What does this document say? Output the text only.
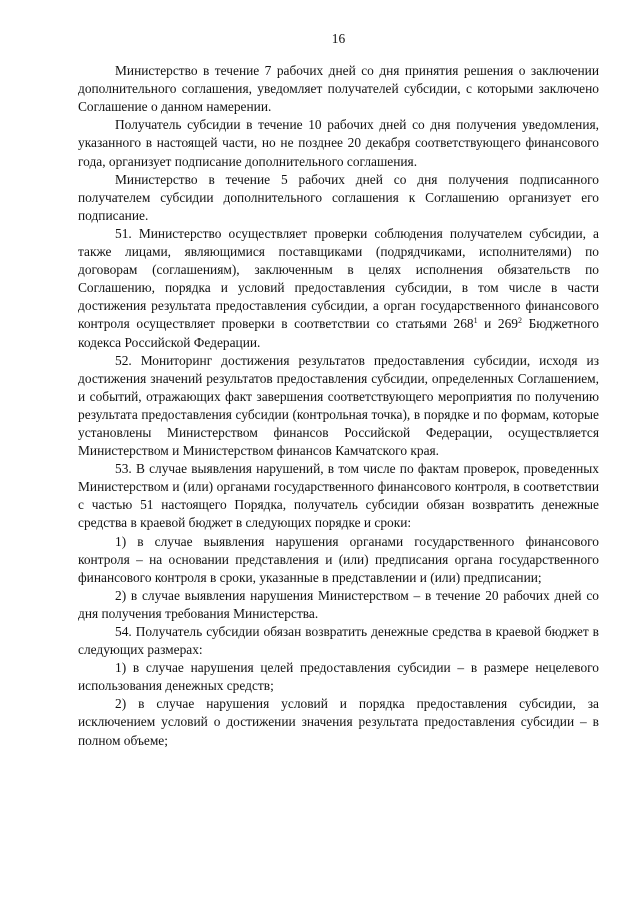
16

Министерство в течение 7 рабочих дней со дня принятия решения о заключении дополнительного соглашения, уведомляет получателей субсидии, с которыми заключено Соглашение о данном намерении.

Получатель субсидии в течение 10 рабочих дней со дня получения уведомления, указанного в настоящей части, но не позднее 20 декабря соответствующего финансового года, организует подписание дополнительного соглашения.

Министерство в течение 5 рабочих дней со дня получения подписанного получателем субсидии дополнительного соглашения к Соглашению организует его подписание.

51. Министерство осуществляет проверки соблюдения получателем субсидии, а также лицами, являющимися поставщиками (подрядчиками, исполнителями) по договорам (соглашениям), заключенным в целях исполнения обязательств по Соглашению, порядка и условий предоставления субсидии, в том числе в части достижения результата предоставления субсидии, а орган государственного финансового контроля осуществляет проверки в соответствии со статьями $268^1$ и $269^2$ Бюджетного кодекса Российской Федерации.

52. Мониторинг достижения результатов предоставления субсидии, исходя из достижения значений результатов предоставления субсидии, определенных Соглашением, и событий, отражающих факт завершения соответствующего мероприятия по получению результата предоставления субсидии (контрольная точка), в порядке и по формам, которые установлены Министерством финансов Российской Федерации, осуществляется Министерством и Министерством финансов Камчатского края.

53. В случае выявления нарушений, в том числе по фактам проверок, проведенных Министерством и (или) органами государственного финансового контроля, в соответствии с частью 51 настоящего Порядка, получатель субсидии обязан возвратить денежные средства в краевой бюджет в следующих порядке и сроки:

1) в случае выявления нарушения органами государственного финансового контроля – на основании представления и (или) предписания органа государственного финансового контроля в сроки, указанные в представлении и (или) предписании;

2) в случае выявления нарушения Министерством – в течение 20 рабочих дней со дня получения требования Министерства.

54. Получатель субсидии обязан возвратить денежные средства в краевой бюджет в следующих размерах:

1) в случае нарушения целей предоставления субсидии – в размере нецелевого использования денежных средств;

2) в случае нарушения условий и порядка предоставления субсидии, за исключением условий о достижении значения результата предоставления субсидии – в полном объеме;
